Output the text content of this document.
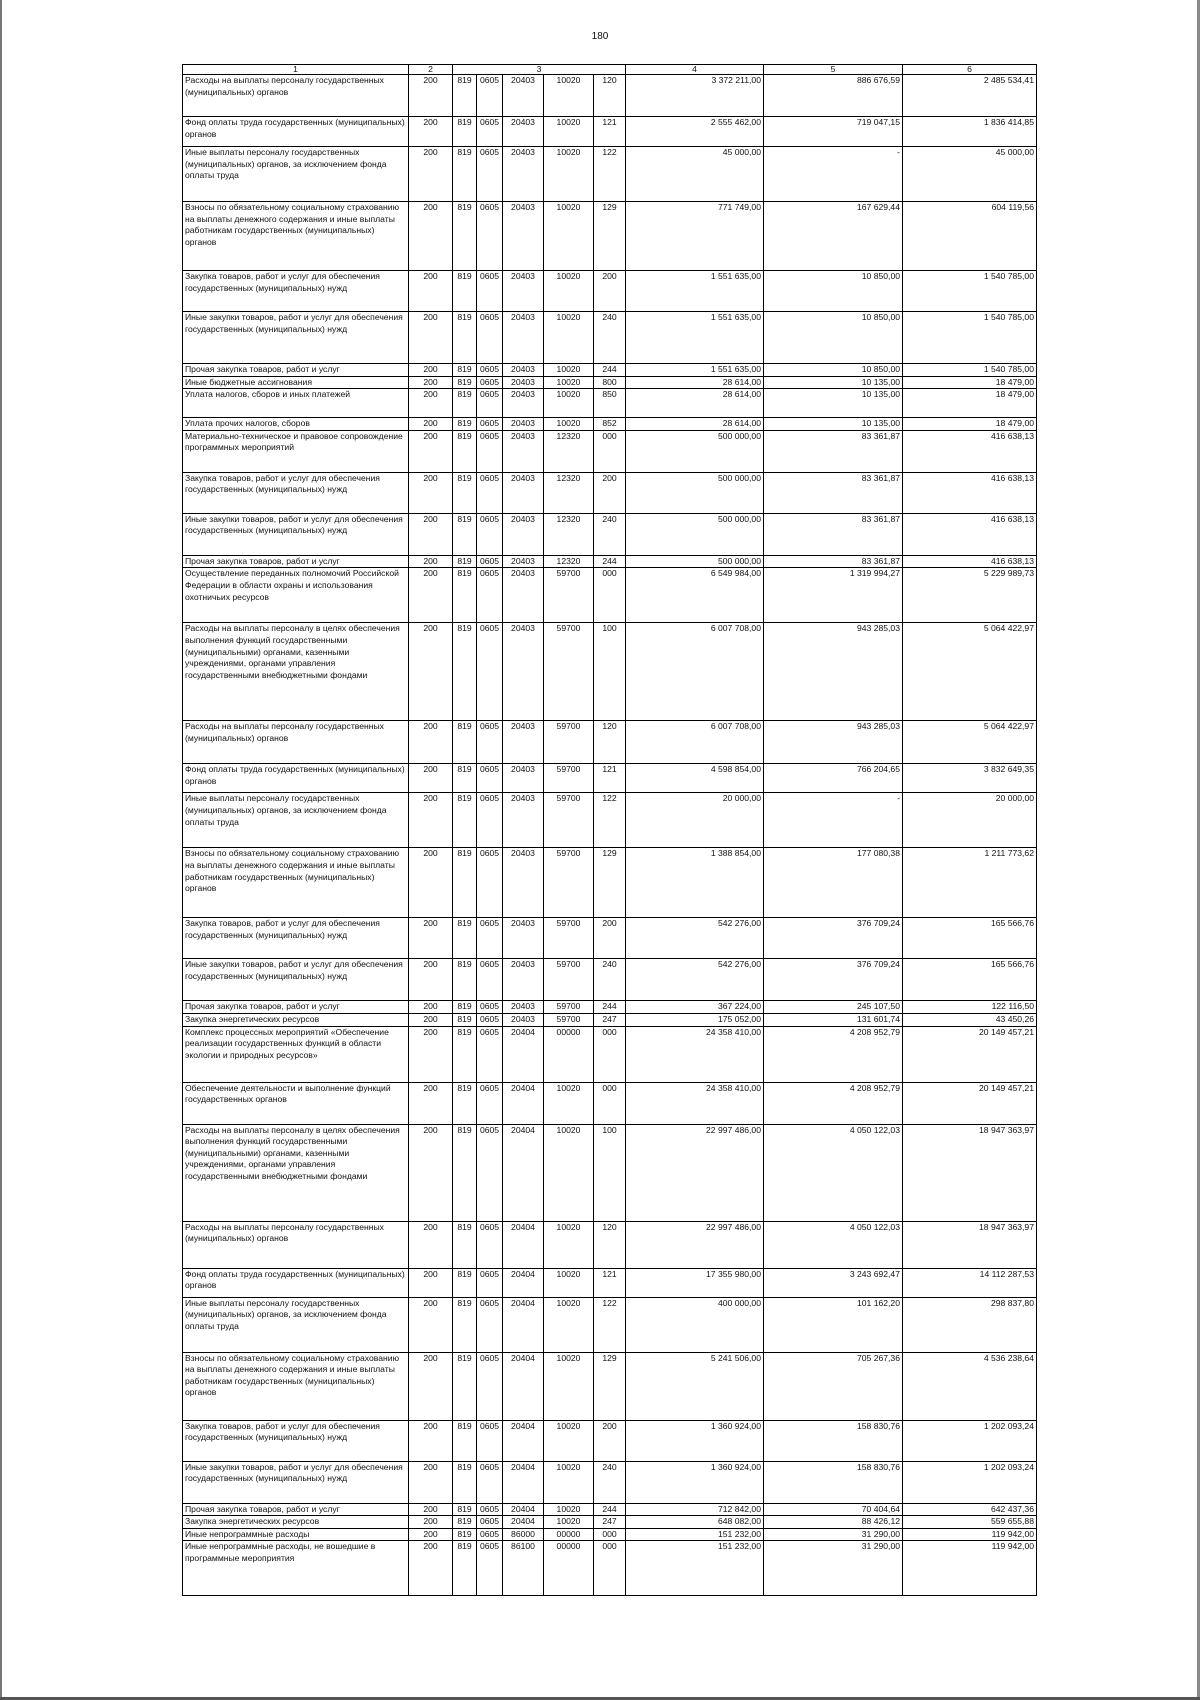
180
1	2	3					4	5	6
Расходы на выплаты персоналу государственных (муниципальных) органов	200	819	0605	20403	10020	120	3 372 211,00	886 676,59	2 485 534,41
Фонд оплаты труда государственных (муниципальных) органов	200	819	0605	20403	10020	121	2 555 462,00	719 047,15	1 836 414,85
Иные выплаты персоналу государственных (муниципальных) органов, за исключением фонда оплаты труда	200	819	0605	20403	10020	122	45 000,00	-	45 000,00
Взносы по обязательному социальному страхованию на выплаты денежного содержания и иные выплаты работникам государственных (муниципальных) органов	200	819	0605	20403	10020	129	771 749,00	167 629,44	604 119,56
Закупка товаров, работ и услуг для обеспечения государственных (муниципальных) нужд	200	819	0605	20403	10020	200	1 551 635,00	10 850,00	1 540 785,00
Иные закупки товаров, работ и услуг для обеспечения государственных (муниципальных) нужд	200	819	0605	20403	10020	240	1 551 635,00	10 850,00	1 540 785,00
Прочая закупка товаров, работ и услуг	200	819	0605	20403	10020	244	1 551 635,00	10 850,00	1 540 785,00
Иные бюджетные ассигнования	200	819	0605	20403	10020	800	28 614,00	10 135,00	18 479,00
Уплата налогов, сборов и иных платежей	200	819	0605	20403	10020	850	28 614,00	10 135,00	18 479,00
Уплата прочих налогов, сборов	200	819	0605	20403	10020	852	28 614,00	10 135,00	18 479,00
Материально-техническое и правовое сопровождение программных мероприятий	200	819	0605	20403	12320	000	500 000,00	83 361,87	416 638,13
Закупка товаров, работ и услуг для обеспечения государственных (муниципальных) нужд	200	819	0605	20403	12320	200	500 000,00	83 361,87	416 638,13
Иные закупки товаров, работ и услуг для обеспечения государственных (муниципальных) нужд	200	819	0605	20403	12320	240	500 000,00	83 361,87	416 638,13
Прочая закупка товаров, работ и услуг	200	819	0605	20403	12320	244	500 000,00	83 361,87	416 638,13
Осуществление переданных полномочий Российской Федерации в области охраны и использования охотничьих ресурсов	200	819	0605	20403	59700	000	6 549 984,00	1 319 994,27	5 229 989,73
Расходы на выплаты персоналу в целях обеспечения выполнения функций государственными (муниципальными) органами, казенными учреждениями, органами управления государственными внебюджетными фондами	200	819	0605	20403	59700	100	6 007 708,00	943 285,03	5 064 422,97
Расходы на выплаты персоналу государственных (муниципальных) органов	200	819	0605	20403	59700	120	6 007 708,00	943 285,03	5 064 422,97
Фонд оплаты труда государственных (муниципальных) органов	200	819	0605	20403	59700	121	4 598 854,00	766 204,65	3 832 649,35
Иные выплаты персоналу государственных (муниципальных) органов, за исключением фонда оплаты труда	200	819	0605	20403	59700	122	20 000,00	-	20 000,00
Взносы по обязательному социальному страхованию на выплаты денежного содержания и иные выплаты работникам государственных (муниципальных) органов	200	819	0605	20403	59700	129	1 388 854,00	177 080,38	1 211 773,62
Закупка товаров, работ и услуг для обеспечения государственных (муниципальных) нужд	200	819	0605	20403	59700	200	542 276,00	376 709,24	165 566,76
Иные закупки товаров, работ и услуг для обеспечения государственных (муниципальных) нужд	200	819	0605	20403	59700	240	542 276,00	376 709,24	165 566,76
Прочая закупка товаров, работ и услуг	200	819	0605	20403	59700	244	367 224,00	245 107,50	122 116,50
Закупка энергетических ресурсов	200	819	0605	20403	59700	247	175 052,00	131 601,74	43 450,26
Комплекс процессных мероприятий «Обеспечение реализации государственных функций в области экологии и природных ресурсов»	200	819	0605	20404	00000	000	24 358 410,00	4 208 952,79	20 149 457,21
Обеспечение деятельности и выполнение функций государственных органов	200	819	0605	20404	10020	000	24 358 410,00	4 208 952,79	20 149 457,21
Расходы на выплаты персоналу в целях обеспечения выполнения функций государственными (муниципальными) органами, казенными учреждениями, органами управления государственными внебюджетными фондами	200	819	0605	20404	10020	100	22 997 486,00	4 050 122,03	18 947 363,97
Расходы на выплаты персоналу государственных (муниципальных) органов	200	819	0605	20404	10020	120	22 997 486,00	4 050 122,03	18 947 363,97
Фонд оплаты труда государственных (муниципальных) органов	200	819	0605	20404	10020	121	17 355 980,00	3 243 692,47	14 112 287,53
Иные выплаты персоналу государственных (муниципальных) органов, за исключением фонда оплаты труда	200	819	0605	20404	10020	122	400 000,00	101 162,20	298 837,80
Взносы по обязательному социальному страхованию на выплаты денежного содержания и иные выплаты работникам государственных (муниципальных) органов	200	819	0605	20404	10020	129	5 241 506,00	705 267,36	4 536 238,64
Закупка товаров, работ и услуг для обеспечения государственных (муниципальных) нужд	200	819	0605	20404	10020	200	1 360 924,00	158 830,76	1 202 093,24
Иные закупки товаров, работ и услуг для обеспечения государственных (муниципальных) нужд	200	819	0605	20404	10020	240	1 360 924,00	158 830,76	1 202 093,24
Прочая закупка товаров, работ и услуг	200	819	0605	20404	10020	244	712 842,00	70 404,64	642 437,36
Закупка энергетических ресурсов	200	819	0605	20404	10020	247	648 082,00	88 426,12	559 655,88
Иные непрограммные расходы	200	819	0605	86000	00000	000	151 232,00	31 290,00	119 942,00
Иные непрограммные расходы, не вошедшие в программные мероприятия	200	819	0605	86100	00000	000	151 232,00	31 290,00	119 942,00
